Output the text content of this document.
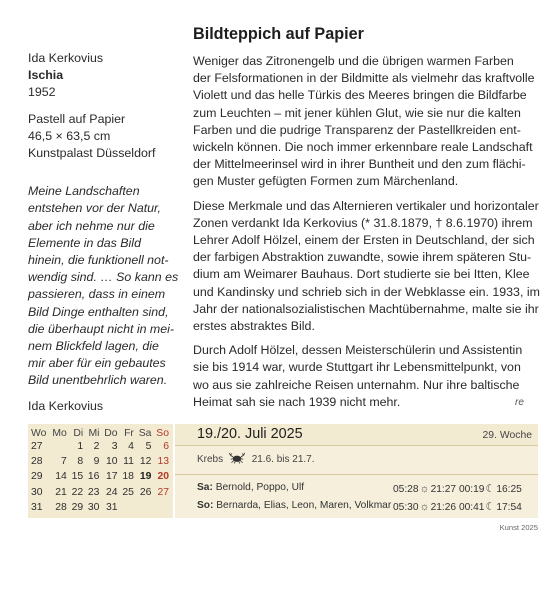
Ida Kerkovius
Ischia
1952
Pastell auf Papier
46,5 × 63,5 cm
Kunstpalast Düsseldorf
Meine Landschaften
entstehen vor der Natur,
aber ich nehme nur die
Elemente in das Bild
hinein, die funktionell not-
wendig sind. … So kann es
passieren, dass in einem
Bild Dinge enthalten sind,
die überhaupt nicht in mei-
nem Blickfeld lagen, die
mir aber für ein gebautes
Bild unentbehrlich waren.
Ida Kerkovius
Bildteppich auf Papier

Weniger das Zitronengelb und die übrigen warmen Farben
der Felsformationen in der Bildmitte als vielmehr das kraftvolle
Violett und das helle Türkis des Meeres bringen die Bildfarbe
zum Leuchten – mit jener kühlen Glut, wie sie nur die kalten
Farben und die pudrige Transparenz der Pastellkreiden ent-
wickeln können. Die noch immer erkennbare reale Landschaft
der Mittelmeerinsel wird in ihrer Buntheit und den zum flächi-
gen Muster gefügten Formen zum Märchenland.

Diese Merkmale und das Alternieren vertikaler und horizontaler
Zonen verdankt Ida Kerkovius (* 31.8.1879, † 8.6.1970) ihrem
Lehrer Adolf Hölzel, einem der Ersten in Deutschland, der sich
der farbigen Abstraktion zuwandte, sowie ihrem späteren Stu-
dium am Weimarer Bauhaus. Dort studierte sie bei Itten, Klee
und Kandinsky und schrieb sich in der Webklasse ein. 1933, im
Jahr der nationalsozialistischen Machtübernahme, malte sie ihr
erstes abstraktes Bild.

Durch Adolf Hölzel, dessen Meisterschülerin und Assistentin
sie bis 1914 war, wurde Stuttgart ihr Lebensmittelpunkt, von
wo aus sie zahlreiche Reisen unternahm. Nur ihre baltische
Heimat sah sie nach 1939 nicht mehr.	re

Wo	Mo	Di	Mi	Do	Fr	Sa	So
27		1	2	3	4	5	6
28	7	8	9	10	11	12	13
29	14	15	16	17	18	19	20
30	21	22	23	24	25	26	27
31	28	29	30	31			
19./20. Juli 2025	29. Woche
Krebs	21.6. bis 21.7.
Sa: Bernold, Poppo, Ulf
So: Bernarda, Elias, Leon, Maren, Volkmar
05:28☼21:27 00:19☾16:25
05:30☼21:26 00:41☾17:54
Kunst 2025
